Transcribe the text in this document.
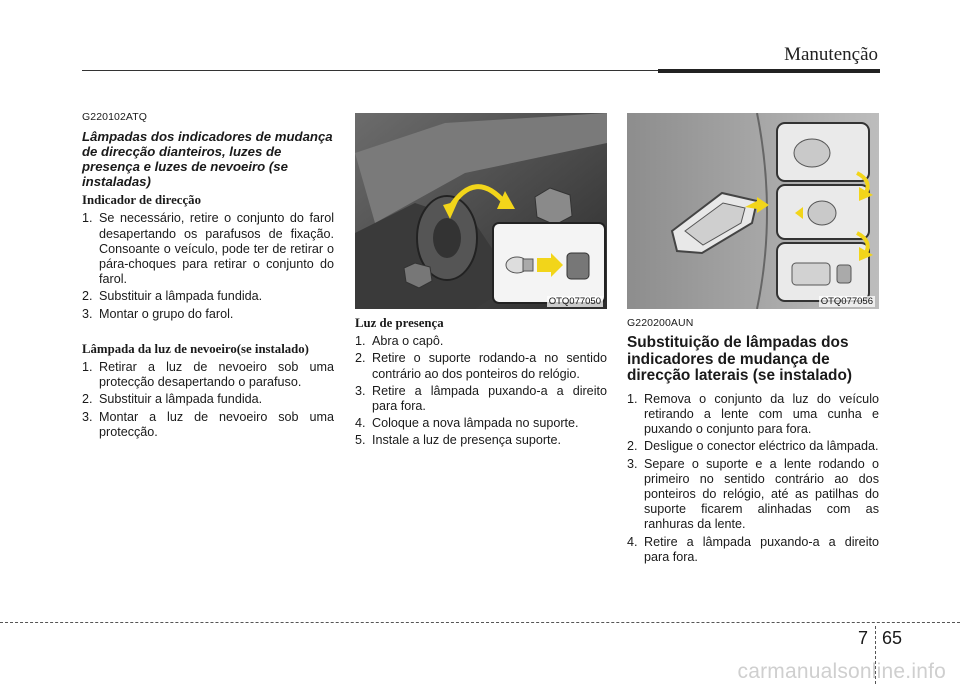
Manutenção
G220102ATQ
Lâmpadas dos indicadores de mudança de direcção dianteiros, luzes de presença e luzes de nevoeiro (se instaladas)
Indicador de direcção
1. Se necessário, retire o conjunto do farol desapertando os parafusos de fixação. Consoante o veículo, pode ter de retirar o pára-choques para retirar o conjunto do farol.
2. Substituir a lâmpada fundida.
3. Montar o grupo do farol.
Lâmpada da luz de nevoeiro(se instalado)
1. Retirar a luz de nevoeiro sob uma protecção desapertando o parafuso.
2. Substituir a lâmpada fundida.
3. Montar a luz de nevoeiro sob uma protecção.
OTQ077050
Luz de presença
1. Abra o capô.
2. Retire o suporte rodando-a no sentido contrário ao dos ponteiros do relógio.
3. Retire a lâmpada puxando-a a direito para fora.
4. Coloque a nova lâmpada no suporte.
5. Instale a luz de presença suporte.
OTQ077056
G220200AUN
Substituição de lâmpadas dos indicadores de mudança de direcção laterais (se instalado)
1. Remova o conjunto da luz do veículo retirando a lente com uma cunha e puxando o conjunto para fora.
2. Desligue o conector eléctrico da lâmpada.
3. Separe o suporte e a lente rodando o primeiro no sentido contrário ao dos ponteiros do relógio, até as patilhas do suporte ficarem alinhadas com as ranhuras da lente.
4. Retire a lâmpada puxando-a a direito para fora.
7 65
carmanualsonline.info
